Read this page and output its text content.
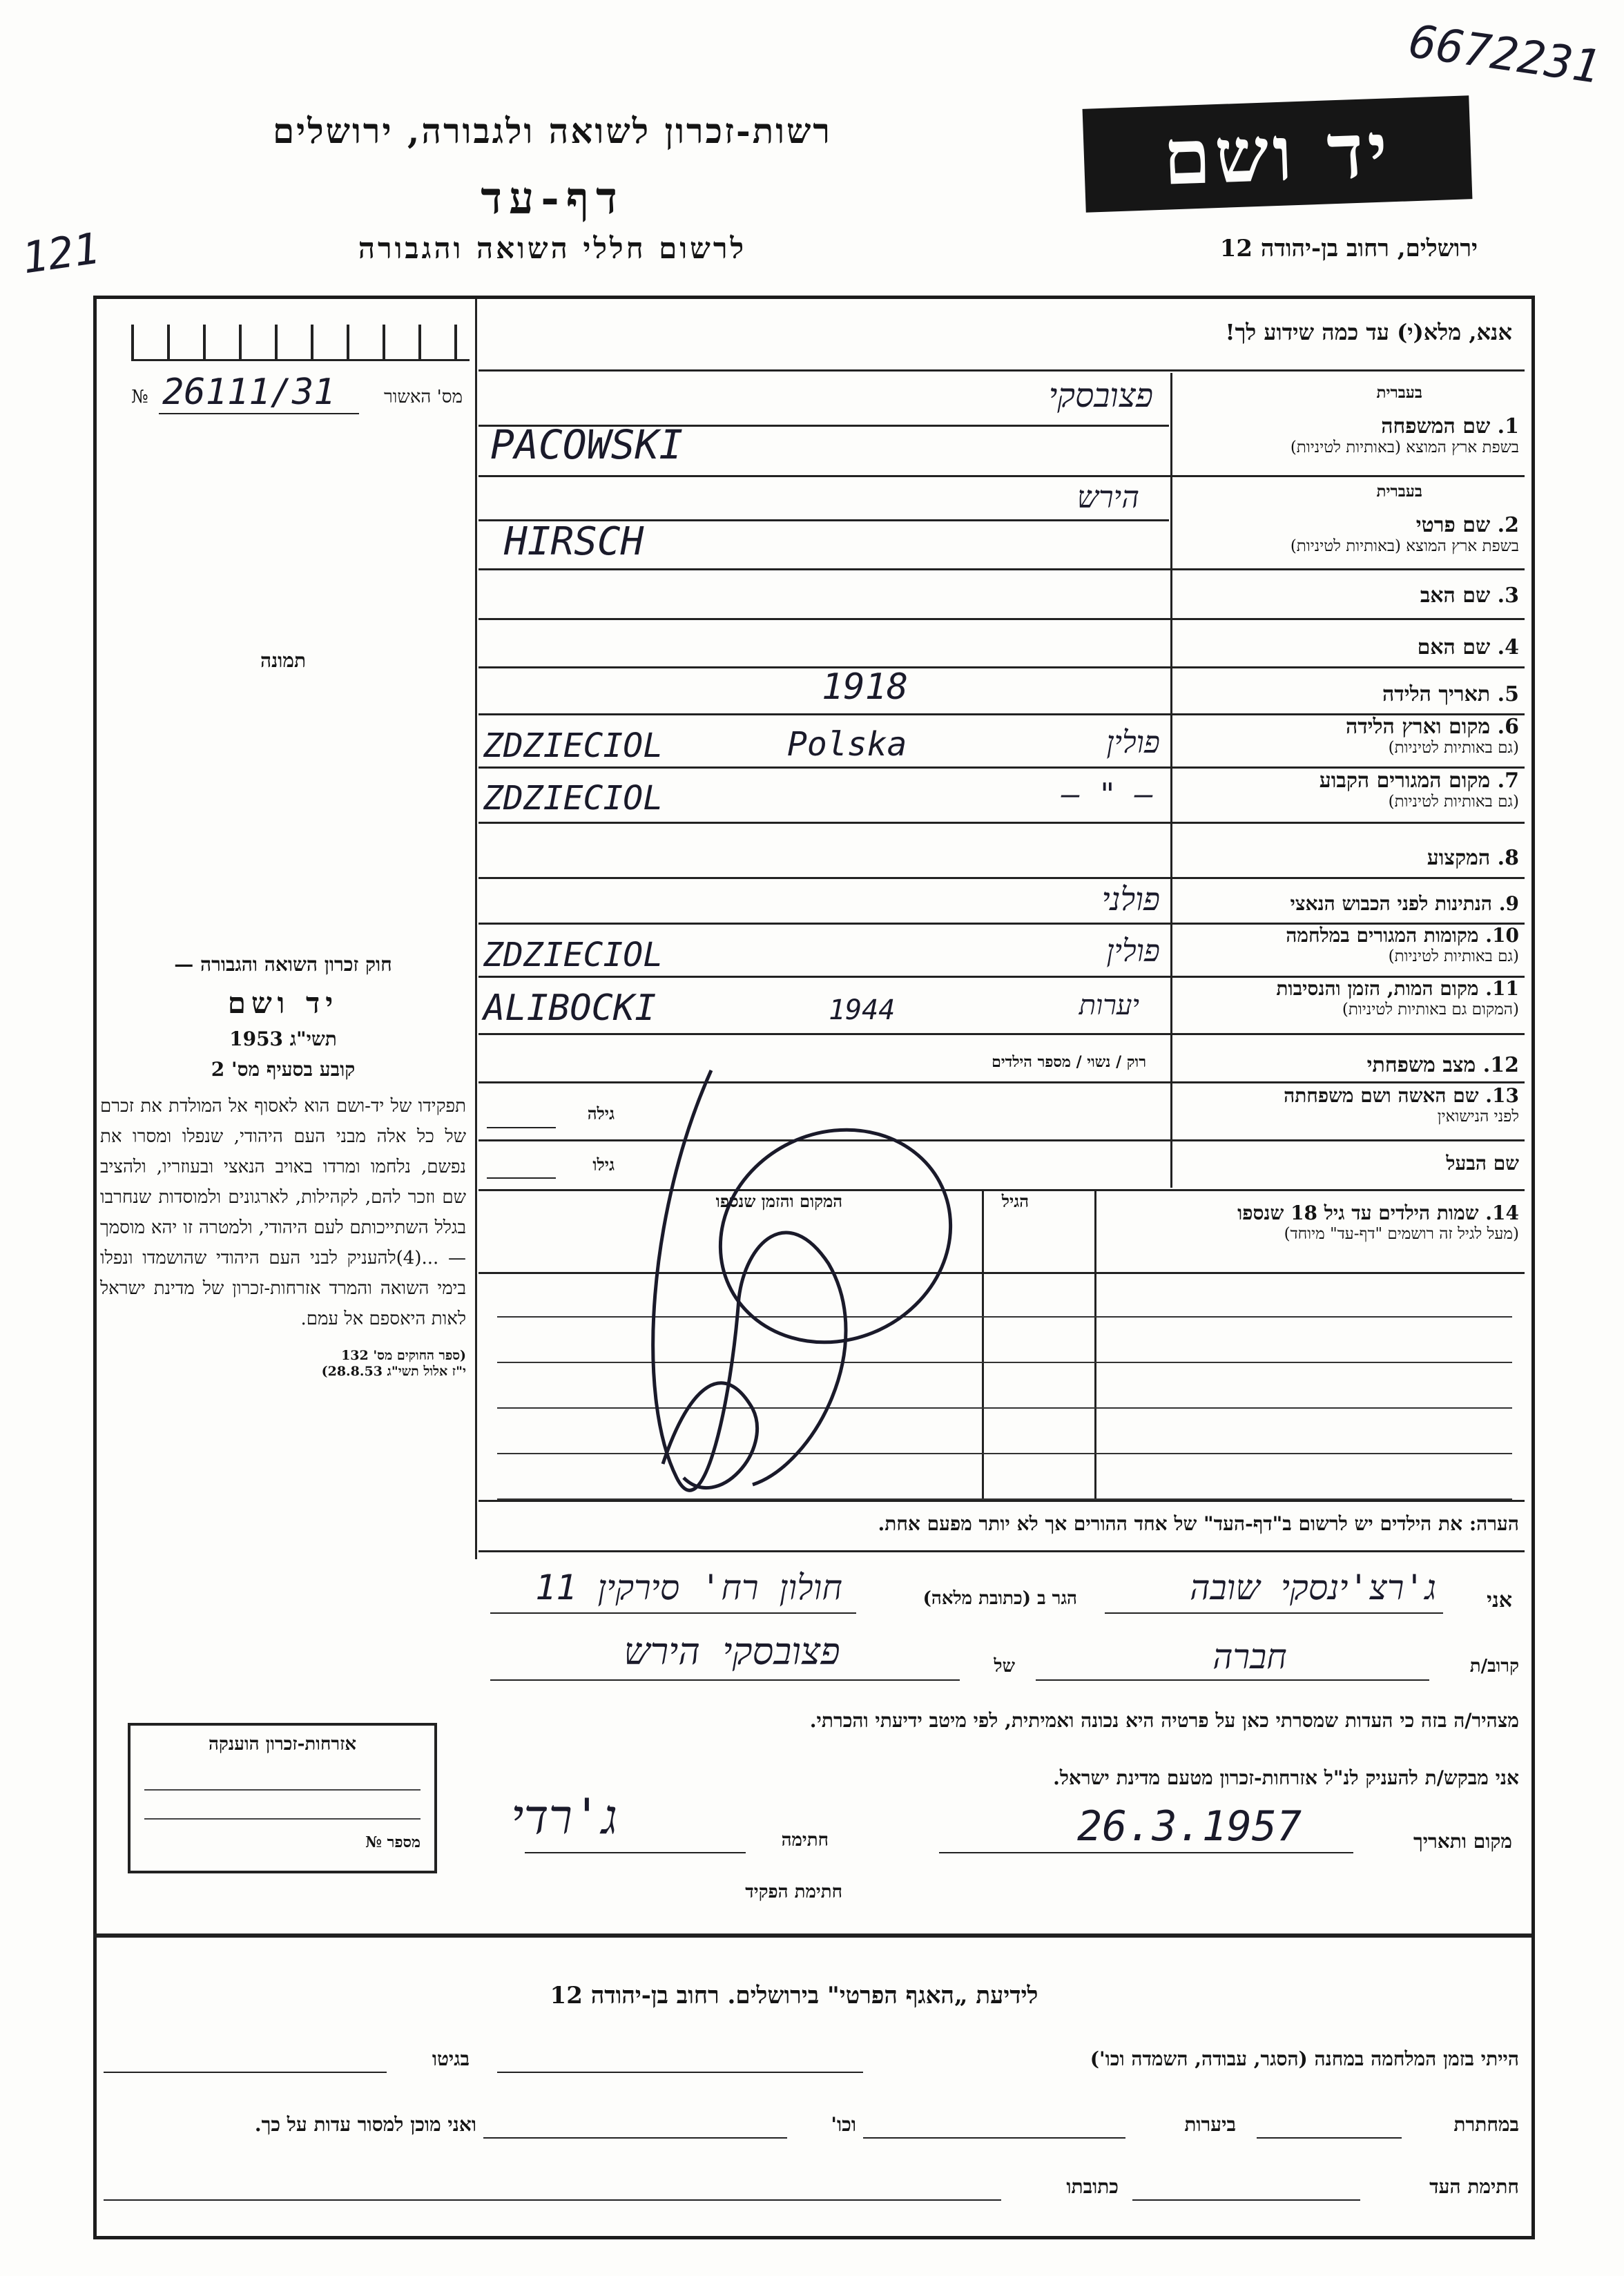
6672231
121
רשות-זכרון לשואה ולגבורה, ירושלים
דף-עד
לרשום חללי השואה והגבורה
יד ושם
ירושלים, רחוב בן-יהודה 12
אנא, מלא(י) עד כמה שידוע לך!
מס' האשור
26111/31
№
תמונה
בעברית
1. שם המשפחה
בשפת ארץ המוצא (באותיות לטיניות)
פצובסקי
PACOWSKI
בעברית
2. שם פרטי
בשפת ארץ המוצא (באותיות לטיניות)
הירש
HIRSCH
3. שם האב
4. שם האם
5. תאריך הלידה
1918
6. מקום וארץ הלידה
(גם באותיות לטיניות)
ZDZIECIOL	Polska	פולין
7. מקום המגורים הקבוע
(גם באותיות לטיניות)
ZDZIECIOL	— " —
8. המקצוע
9. הנתינות לפני הכבוש הנאצי
פולני
10. מקומות המגורים במלחמה
(גם באותיות לטיניות)
ZDZIECIOL	פולין
11. מקום המות, הזמן והנסיבות
(המקום גם באותיות לטיניות)
ALIBOCKI	1944	יערות
12. מצב משפחתי
רוק / נשוי / מספר הילדים
13. שם האשה ושם משפחתה
לפני הנישואין
גילה
שם הבעל
גילו
14. שמות הילדים עד גיל 18 שנספו
(מעל לגיל זה רושמים "דף-עד" מיוחד)
הגיל
המקום והזמן שנספו
הערה: את הילדים יש לרשום ב"דף-העד" של אחד ההורים אך לא יותר מפעם אחת.
חוק זכרון השואה והגבורה —
יד ושם
תשי"ג 1953
קובע בסעיף מס' 2
תפקידו של יד-ושם הוא לאסוף אל המולדת את זכרם של כל אלה מבני העם היהודי, שנפלו ומסרו את נפשם, נלחמו ומרדו באויב הנאצי ובעוזריו, ולהציב שם וזכר להם, לקהילות, לארגונים ולמוסדות שנחרבו בגלל השתייכותם לעם היהודי, ולמטרה זו יהא מוסמך — ...(4)להעניק לבני העם היהודי שהושמדו ונפלו בימי השואה והמרד אזרחות-זכרון של מדינת ישראל לאות היאספם אל עמם.
(ספר החוקים מס' 132
י"ז אלול תשי"ג 28.8.53)
אני
ג'רצ'ינסקי שובה
הגר ב (כתובת מלאה)
חולון רח' סירקין 11
קרוב/ת
חברה
של
פצובסקי הירש
מצהיר/ה בזה כי העדות שמסרתי כאן על פרטיה היא נכונה ואמיתית, לפי מיטב ידיעתי והכרתי.
אני מבקש/ת להעניק לנ"ל אזרחות-זכרון מטעם מדינת ישראל.
מקום ותאריך
26.3.1957
חתימה
ג'רדי
חתימת הפקיד
אזרחות-זכרון הוענקה
מספר №
לידיעת „האגף הפרטי" בירושלים. רחוב בן-יהודה 12
הייתי בזמן המלחמה במחנה (הסגר, עבודה, השמדה וכו')
בגיטו
במחתרת
ביערות
וכו'
ואני מוכן למסור עדות על כך.
חתימת העד
כתובתו
